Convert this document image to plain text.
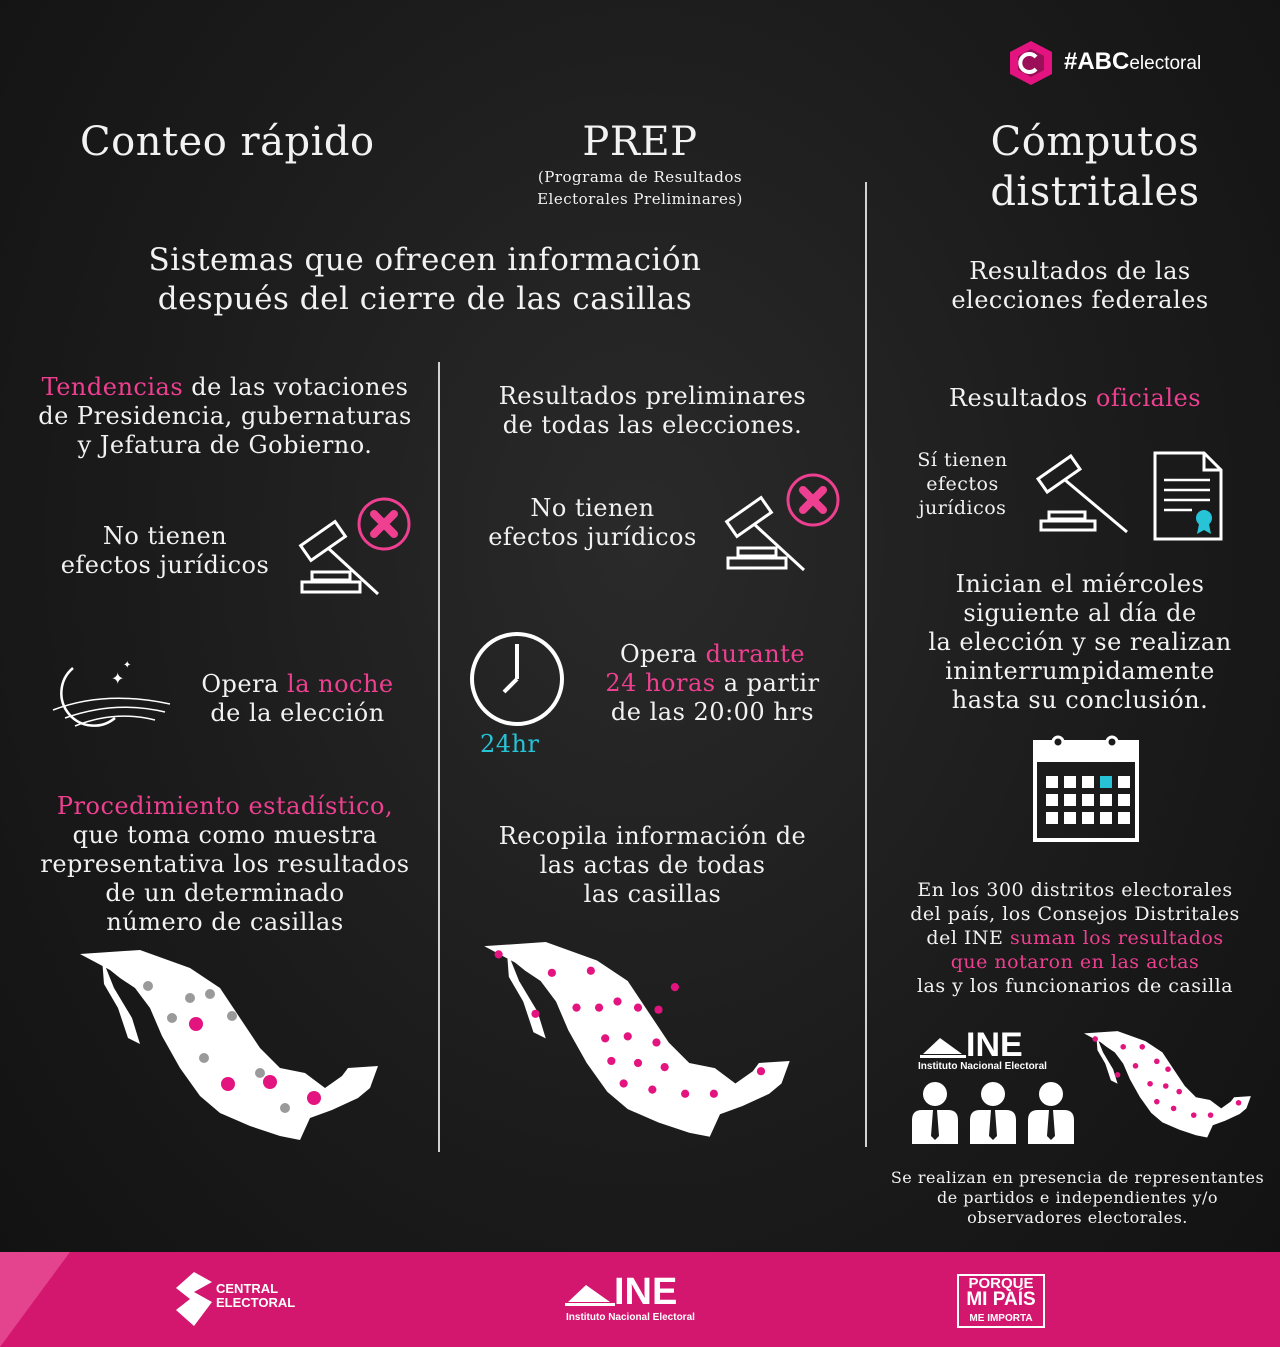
#ABCelectoral
Conteo rápido	PREP
(Programa de Resultados
Electorales Preliminares)
Cómputos
distritales
Sistemas que ofrecen información
después del cierre de las casillas
Tendencias de las votaciones
de Presidencia, gubernaturas
y Jefatura de Gobierno.
No tienen
efectos jurídicos
✦
✦
Opera la noche
de la elección
Procedimiento estadístico,
que toma como muestra
representativa los resultados
de un determinado
número de casillas
Resultados preliminares
de todas las elecciones.
No tienen
efectos jurídicos
24hr
Opera durante
24 horas a partir
de las 20:00 hrs
Recopila información de
las actas de todas
las casillas
Resultados de las
elecciones federales
Resultados oficiales
Sí tienen
efectos
jurídicos
Inician el miércoles
siguiente al día de
la elección y se realizan
ininterrumpidamente
hasta su conclusión.
En los 300 distritos electorales
del país, los Consejos Distritales
del INE suman los resultados
que notaron en las actas
las y los funcionarios de casilla
INE
Instituto Nacional Electoral
Se realizan en presencia de representantes
de partidos e independientes y/o
observadores electorales.
CENTRAL
ELECTORAL	INE
Instituto Nacional Electoral
PORQUE
MI PAÍS
ME IMPORTA
